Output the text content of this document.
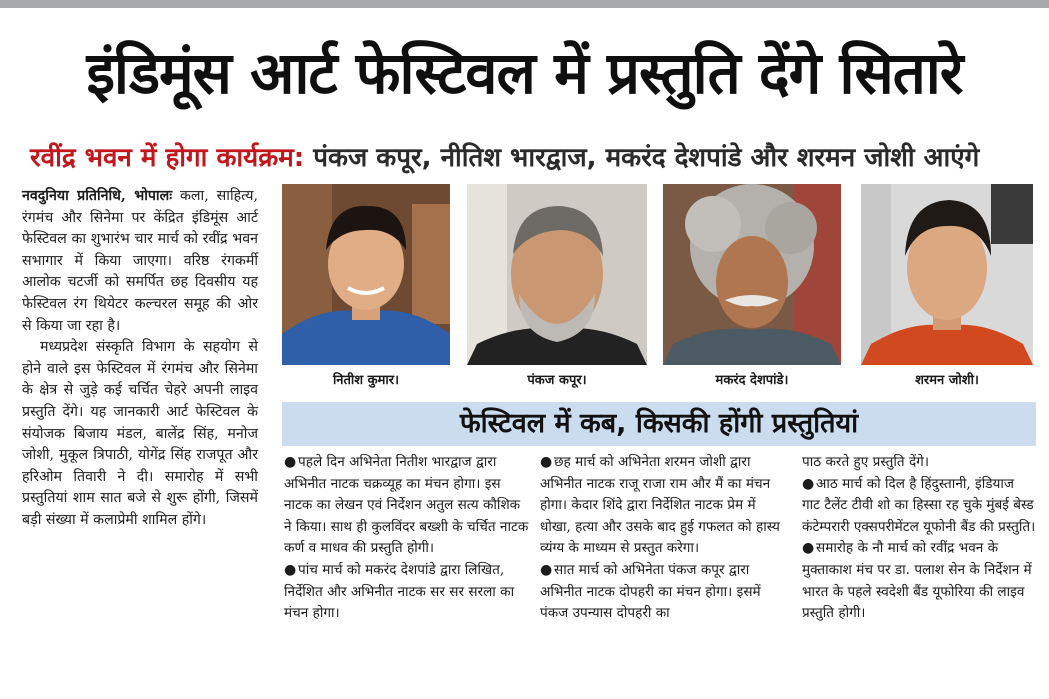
इंडिमूंस आर्ट फेस्टिवल में प्रस्तुति देंगे सितारे
रवींद्र भवन में होगा कार्यक्रम: पंकज कपूर, नीतिश भारद्वाज, मकरंद देशपांडे और शरमन जोशी आएंगे

नवदुनिया प्रतिनिधि, भोपालः कला, साहित्य, रंगमंच और सिनेमा पर केंद्रित इंडिमूंस आर्ट फेस्टिवल का शुभारंभ चार मार्च को रवींद्र भवन सभागार में किया जाएगा। वरिष्ठ रंगकर्मी आलोक चटर्जी को समर्पित छह दिवसीय यह फेस्टिवल रंग थियेटर कल्चरल समूह की ओर से किया जा रहा है।

मध्यप्रदेश संस्कृति विभाग के सहयोग से होने वाले इस फेस्टिवल में रंगमंच और सिनेमा के क्षेत्र से जुड़े कई चर्चित चेहरे अपनी लाइव प्रस्तुति देंगे। यह जानकारी आर्ट फेस्टिवल के संयोजक बिजाय मंडल, बालेंद्र सिंह, मनोज जोशी, मुकूल त्रिपाठी, योगेंद्र सिंह राजपूत और हरिओम तिवारी ने दी। समारोह में सभी प्रस्तुतियां शाम सात बजे से शुरू होंगी, जिसमें बड़ी संख्या में कलाप्रेमी शामिल होंगे।

नितीश कुमार।	पंकज कपूर।	मकरंद देशपांडे।	शरमन जोशी।
फेस्टिवल में कब, किसकी होंगी प्रस्तुतियां

● पहले दिन अभिनेता नितीश भारद्वाज द्वारा अभिनीत नाटक चक्रव्यूह का मंचन होगा। इस नाटक का लेखन एवं निर्देशन अतुल सत्य कौशिक ने किया। साथ ही कुलविंदर बख्शी के चर्चित नाटक कर्ण व माधव की प्रस्तुति होगी।

● पांच मार्च को मकरंद देशपांडे द्वारा लिखित, निर्देशित और अभिनीत नाटक सर सर सरला का मंचन होगा।

● छह मार्च को अभिनेता शरमन जोशी द्वारा अभिनीत नाटक राजू राजा राम और मैं का मंचन होगा। केदार शिंदे द्वारा निर्देशित नाटक प्रेम में धोखा, हत्या और उसके बाद हुई गफलत को हास्य व्यंग्य के माध्यम से प्रस्तुत करेगा।

● सात मार्च को अभिनेता पंकज कपूर द्वारा अभिनीत नाटक दोपहरी का मंचन होगा। इसमें पंकज उपन्यास दोपहरी का

पाठ करते हुए प्रस्तुति देंगे।

● आठ मार्च को दिल है हिंदुस्तानी, इंडियाज गाट टैलेंट टीवी शो का हिस्सा रह चुके मुंबई बेस्ड कंटेम्परारी एक्सपरीमेंटल यूफोनी बैंड की प्रस्तुति।

● समारोह के नौ मार्च को रवींद्र भवन के मुक्ताकाश मंच पर डा. पलाश सेन के निर्देशन में भारत के पहले स्वदेशी बैंड यूफोरिया की लाइव प्रस्तुति होगी।
